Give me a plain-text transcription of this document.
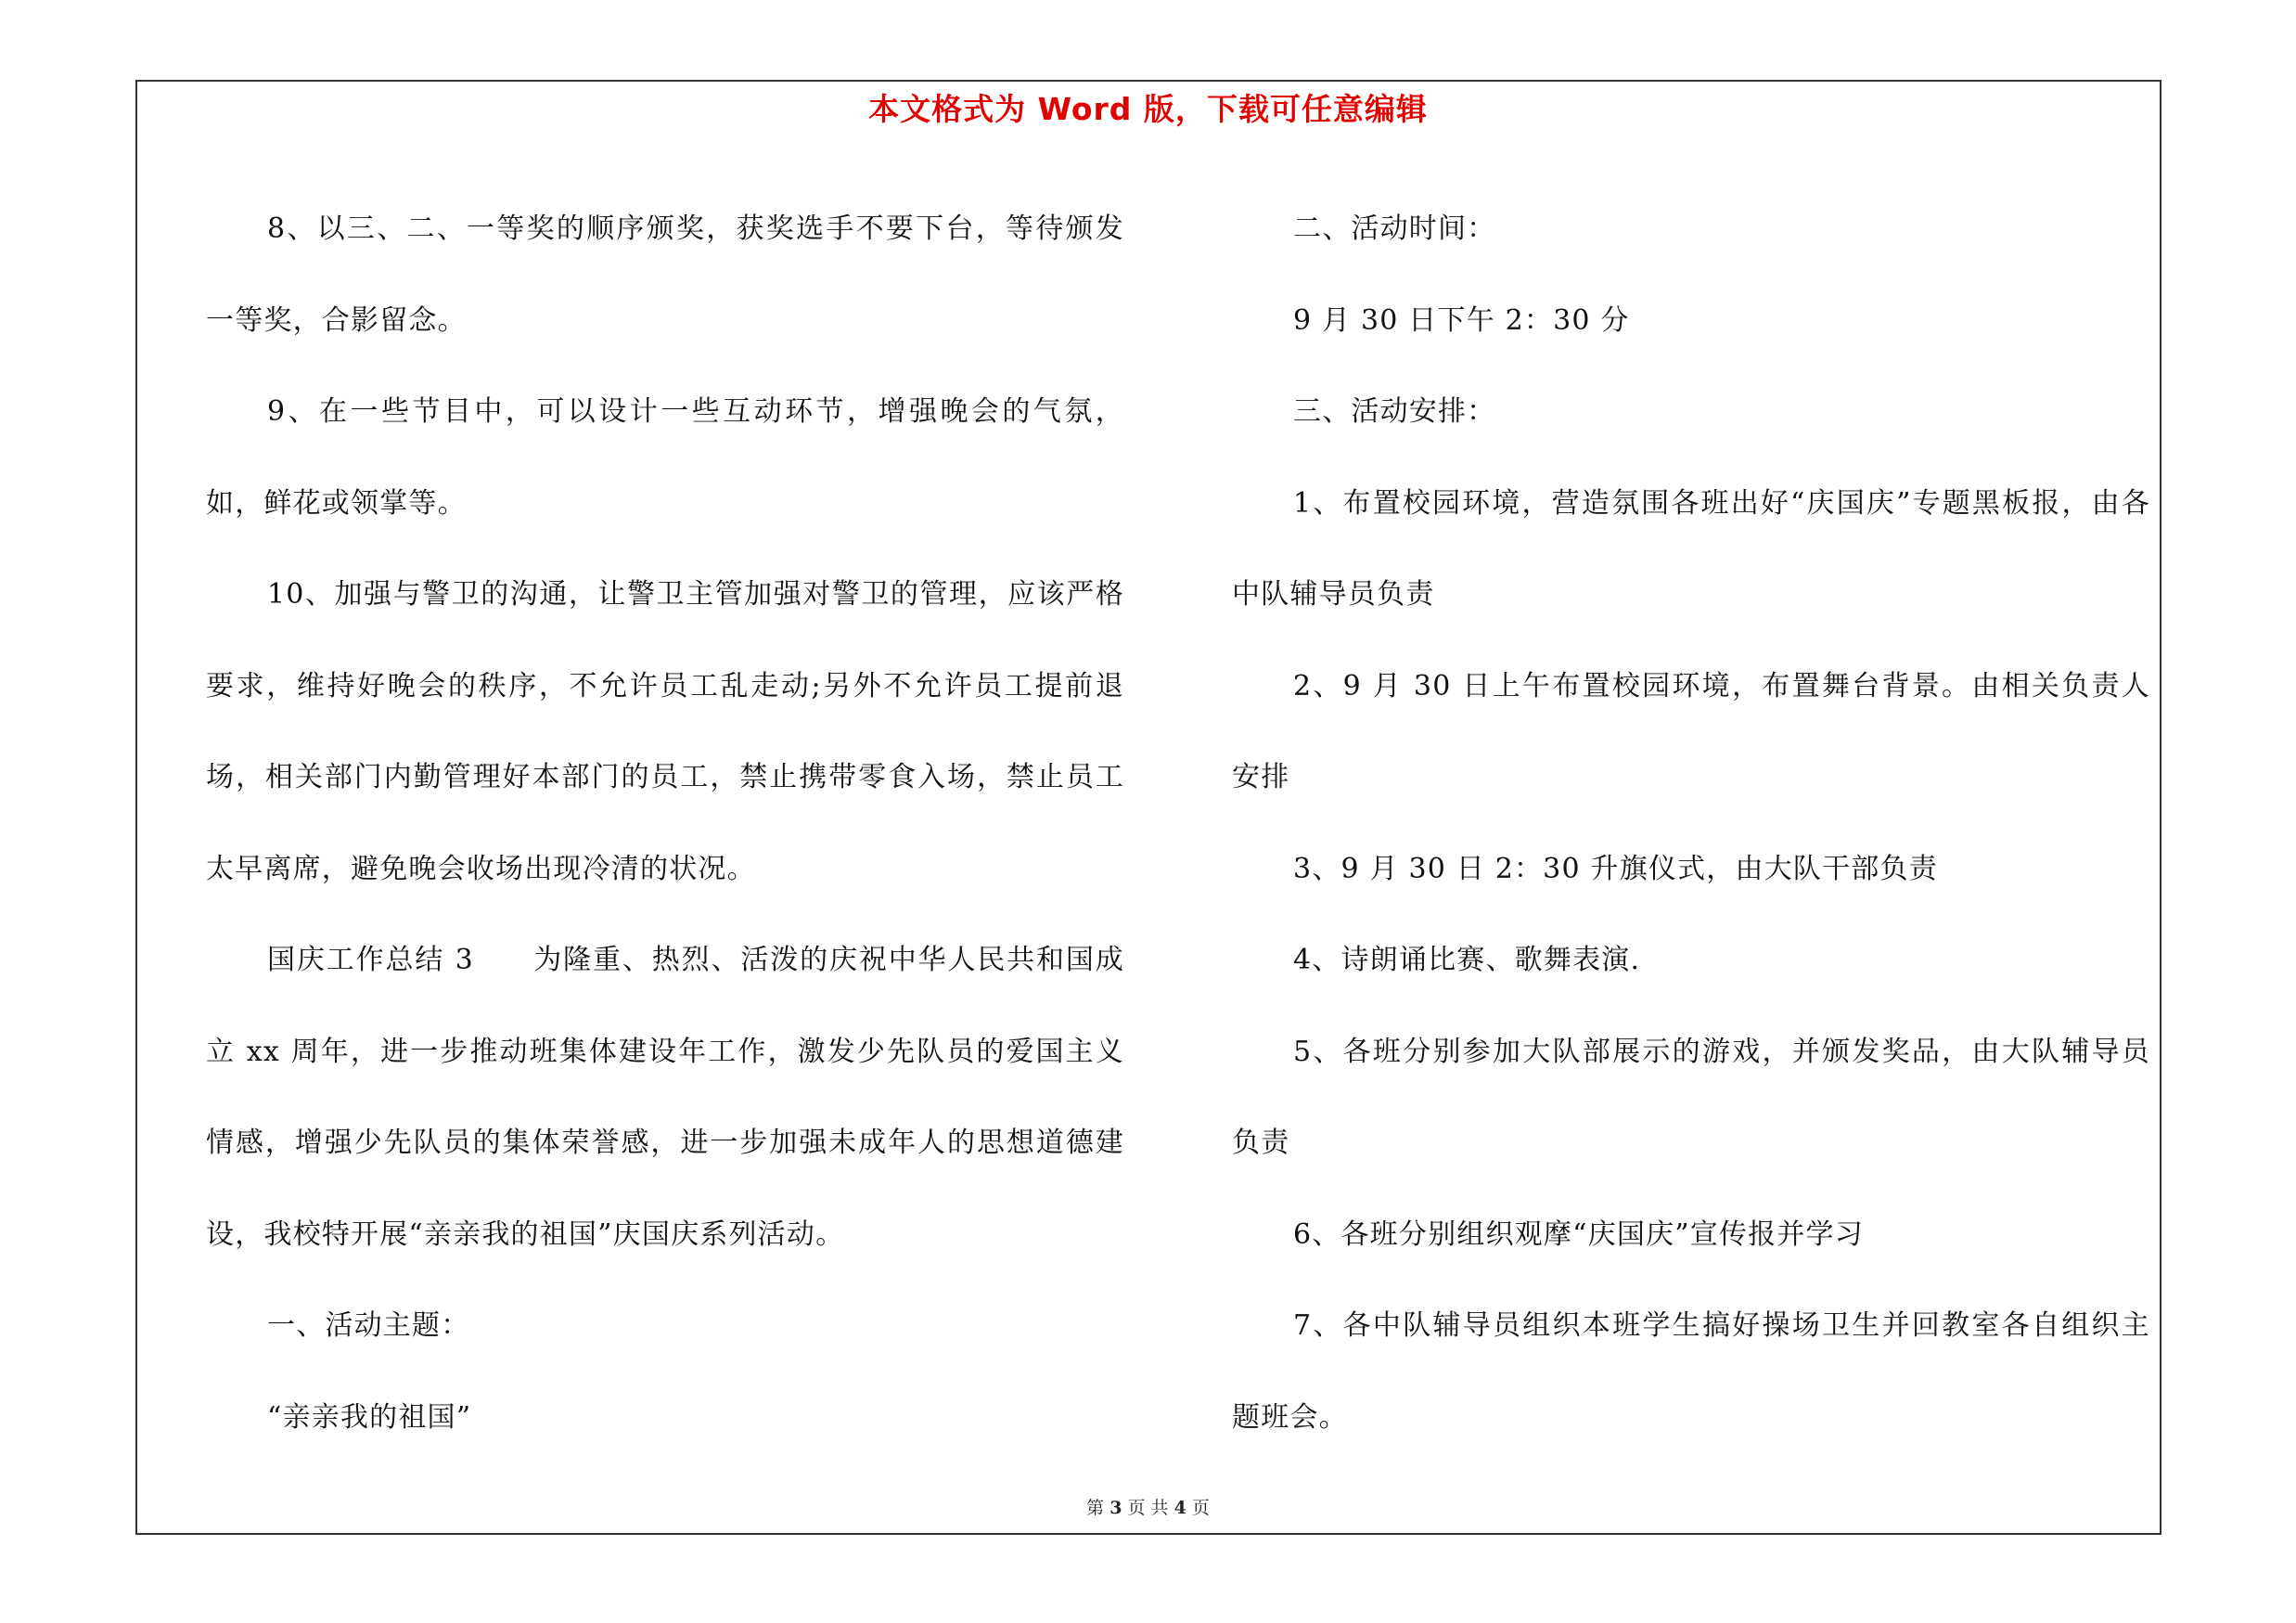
本文格式为 Word 版，下载可任意编辑

8、以三、二、一等奖的顺序颁奖，获奖选手不要下台，等待颁发一等奖，合影留念。

9、在一些节目中，可以设计一些互动环节，增强晚会的气氛，如，鲜花或领掌等。

10、加强与警卫的沟通，让警卫主管加强对警卫的管理，应该严格要求，维持好晚会的秩序，不允许员工乱走动;另外不允许员工提前退场，相关部门内勤管理好本部门的员工，禁止携带零食入场，禁止员工太早离席，避免晚会收场出现冷清的状况。

国庆工作总结 3　　为隆重、热烈、活泼的庆祝中华人民共和国成立 xx 周年，进一步推动班集体建设年工作，激发少先队员的爱国主义情感，增强少先队员的集体荣誉感，进一步加强未成年人的思想道德建设，我校特开展“亲亲我的祖国”庆国庆系列活动。

一、活动主题：

“亲亲我的祖国”

二、活动时间：

9 月 30 日下午 2：30 分

三、活动安排：

1、布置校园环境，营造氛围各班出好“庆国庆”专题黑板报，由各中队辅导员负责

2、9 月 30 日上午布置校园环境，布置舞台背景。由相关负责人安排

3、9 月 30 日 2：30 升旗仪式，由大队干部负责

4、诗朗诵比赛、歌舞表演.

5、各班分别参加大队部展示的游戏，并颁发奖品，由大队辅导员负责

6、各班分别组织观摩“庆国庆”宣传报并学习

7、各中队辅导员组织本班学生搞好操场卫生并回教室各自组织主题班会。

第 3 页 共 4 页
